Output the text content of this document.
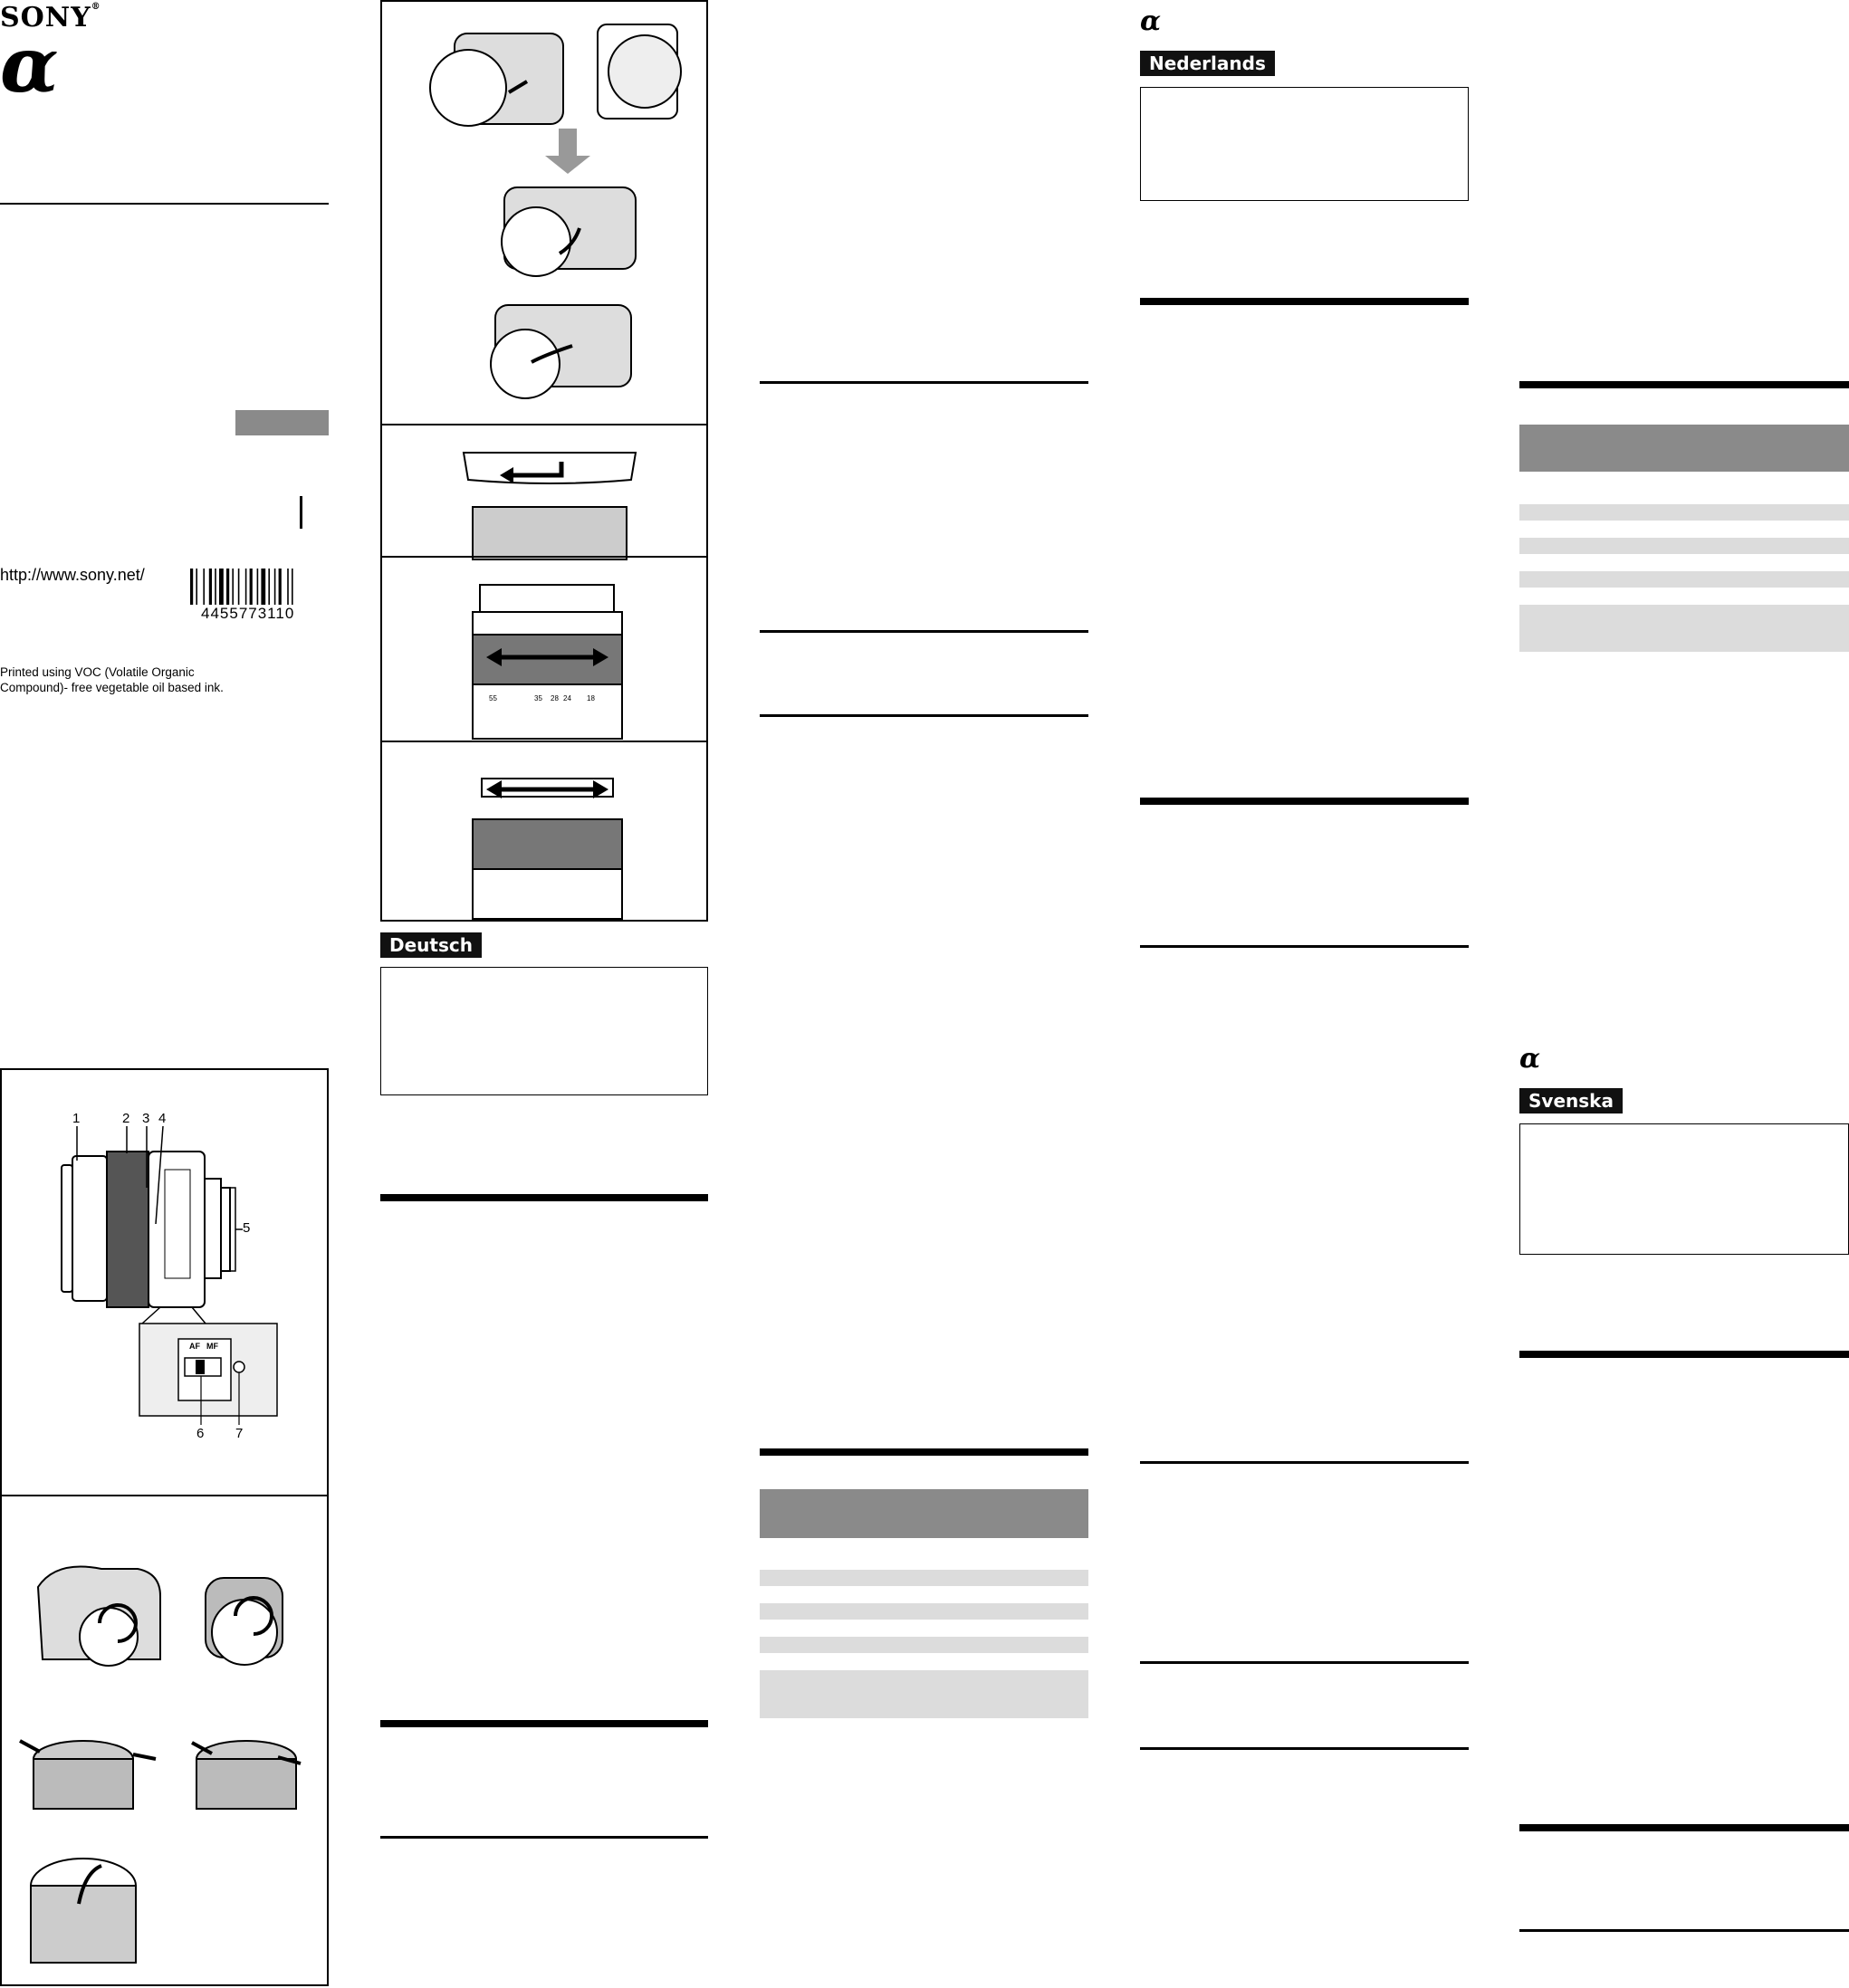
SONY®
α
http://www.sony.net/
4455773110
Printed using VOC (Volatile Organic
Compound)- free vegetable oil based ink.
1	2 3 4
5
6 7
AF MF
55	35 28 24 18
Deutsch
α
Nederlands
α
Svenska
